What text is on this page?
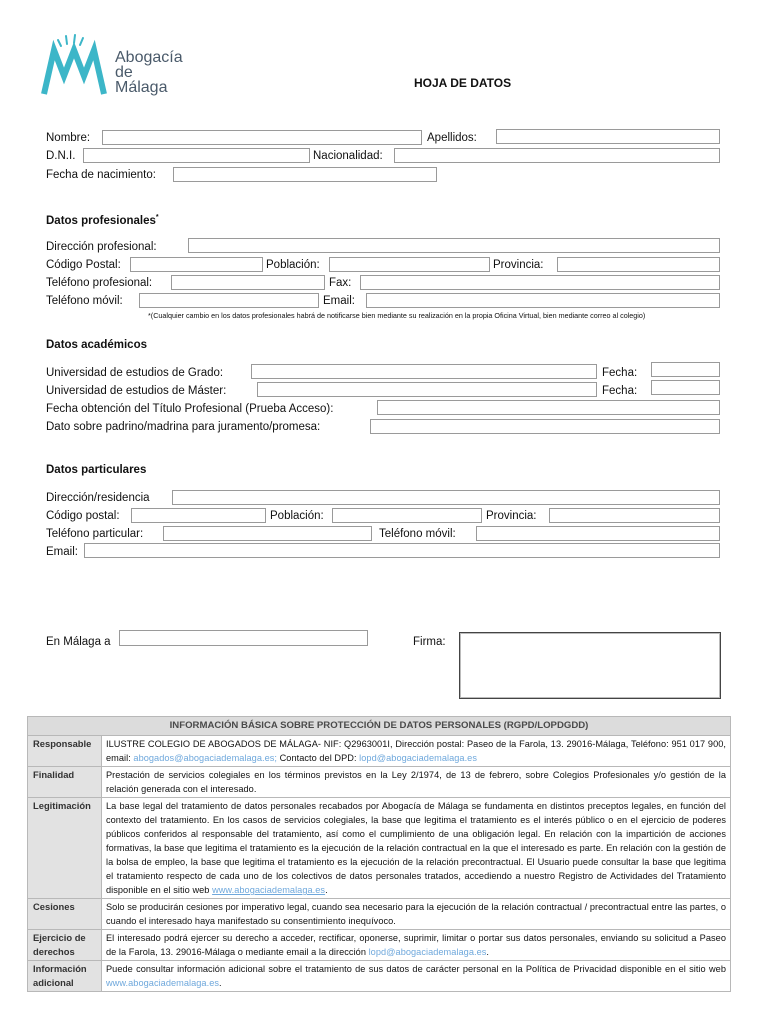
Abogacía
de
Málaga	HOJA DE DATOS
Nombre:	Apellidos:
D.N.I.	Nacionalidad:
Fecha de nacimiento:
Datos profesionales*
Dirección profesional:
Código Postal:	Población:	Provincia:
Teléfono profesional:	Fax:
Teléfono móvil:	Email:
*(Cualquier cambio en los datos profesionales habrá de notificarse bien mediante su realización en la propia Oficina Virtual, bien mediante correo al colegio)
Datos académicos
Universidad de estudios de Grado:	Fecha:
Universidad de estudios de Máster:	Fecha:
Fecha obtención del Título Profesional (Prueba Acceso):
Dato sobre padrino/madrina para juramento/promesa:
Datos particulares
Dirección/residencia
Código postal:	Población:	Provincia:
Teléfono particular:	Teléfono móvil:
Email:
En Málaga a	Firma:
INFORMACIÓN BÁSICA SOBRE PROTECCIÓN DE DATOS PERSONALES (RGPD/LOPDGDD)	
Responsable	ILUSTRE COLEGIO DE ABOGADOS DE MÁLAGA- NIF: Q2963001I, Dirección postal: Paseo de la Farola, 13. 29016-Málaga, Teléfono: 951 017 900, email: abogados@abogaciademalaga.es; Contacto del DPD: lopd@abogaciademalaga.es
Finalidad	Prestación de servicios colegiales en los términos previstos en la Ley 2/1974, de 13 de febrero, sobre Colegios Profesionales y/o gestión de la relación generada con el interesado.
Legitimación	La base legal del tratamiento de datos personales recabados por Abogacía de Málaga se fundamenta en distintos preceptos legales, en función del contexto del tratamiento. En los casos de servicios colegiales, la base que legitima el tratamiento es el interés público o en el ejercicio de poderes públicos conferidos al responsable del tratamiento, así como el cumplimiento de una obligación legal. En relación con la impartición de acciones formativas, la base que legitima el tratamiento es la ejecución de la relación contractual en la que el interesado es parte. En relación con la gestión de la bolsa de empleo, la base que legitima el tratamiento es la ejecución de la relación precontractual. El Usuario puede consultar la base que legitima el tratamiento respecto de cada uno de los colectivos de datos personales tratados, accediendo a nuestro Registro de Actividades del Tratamiento disponible en el sitio web www.abogaciademalaga.es.
Cesiones	Solo se producirán cesiones por imperativo legal, cuando sea necesario para la ejecución de la relación contractual / precontractual entre las partes, o cuando el interesado haya manifestado su consentimiento inequívoco.
Ejercicio de derechos	El interesado podrá ejercer su derecho a acceder, rectificar, oponerse, suprimir, limitar o portar sus datos personales, enviando su solicitud a Paseo de la Farola, 13. 29016-Málaga o mediante email a la dirección lopd@abogaciademalaga.es.
Información adicional	Puede consultar información adicional sobre el tratamiento de sus datos de carácter personal en la Política de Privacidad disponible en el sitio web www.abogaciademalaga.es.
